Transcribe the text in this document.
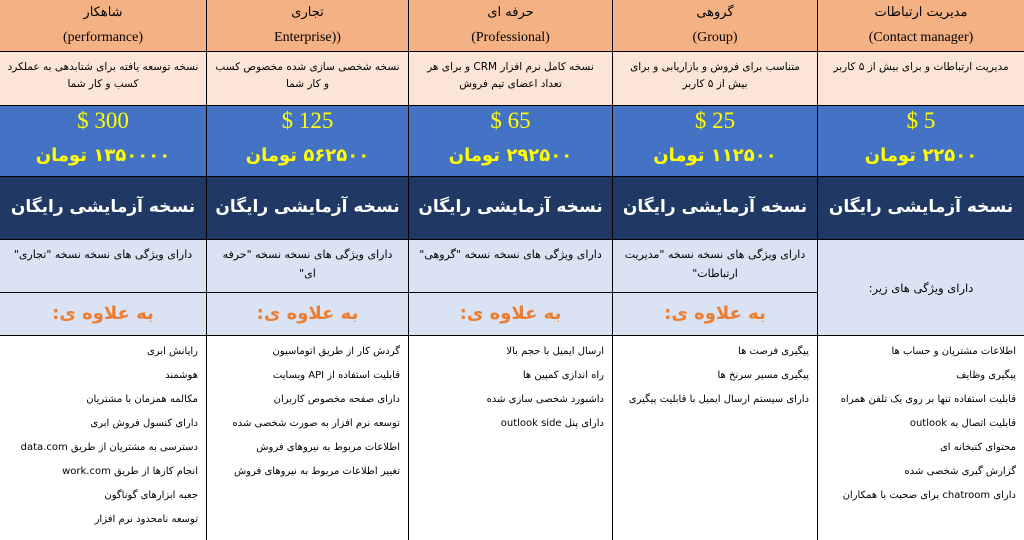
شاهکار
(performance)
نسخه توسعه یافته برای شتابدهی به عملکرد کسب و کار شما
300 $
۱۳۵۰۰۰۰ تومان
نسخه آزمایشی رایگان
دارای ویژگی های نسخه نسخه "تجاری"
به علاوه ی:
رایانش ابری
هوشمند
مکالمه همزمان با مشتریان
دارای کنسول فروش ابری
دسترسی به مشتریان از طریق data.com
انجام کارها از طریق work.com
جعبه ابزارهای گوناگون
توسعه نامحدود نرم افزار
تجاری
Enterprise))
نسخه شخصی سازی شده مخصوص کسب و کار شما
125 $
۵۶۲۵۰۰ تومان
نسخه آزمایشی رایگان
دارای ویژگی های نسخه نسخه "حرفه ای"
به علاوه ی:
گردش کار از طریق اتوماسیون
قابلیت استفاده از API وبسایت
دارای صفحه مخصوص کاربران
توسعه نرم افزار به صورت شخصی شده
اطلاعات مربوط به نیروهای فروش
تغییر اطلاعات مربوط به نیروهای فروش
حرفه ای
(Professional)
نسخه کامل نرم افزار CRM و برای هر تعداد اعضای تیم فروش
65 $
۲۹۲۵۰۰ تومان
نسخه آزمایشی رایگان
دارای ویژگی های نسخه نسخه "گروهی"
به علاوه ی:
ارسال ایمیل با حجم بالا
راه اندازی کمپین ها
داشبورد شخصی سازی شده
دارای پنل outlook side
گروهی
(Group)
متناسب برای فروش و بازاریابی و برای بیش از ۵ کاربر
25 $
۱۱۲۵۰۰ تومان
نسخه آزمایشی رایگان
دارای ویژگی های نسخه نسخه "مدیریت ارتباطات"
به علاوه ی:
پیگیری فرصت ها
پیگیری مسیر سرنخ ها
دارای سیستم ارسال ایمیل با قابلیت پیگیری
مدیریت ارتباطات
(Contact manager)
مدیریت ارتباطات و برای بیش از ۵ کاربر
5 $
۲۲۵۰۰ تومان
نسخه آزمایشی رایگان
دارای ویژگی های زیر:
اطلاعات مشتریان و حساب ها
پیگیری وظایف
قابلیت استفاده تنها بر روی یک تلفن همراه
قابلیت اتصال به outlook
محتوای کتبخانه ای
گزارش گیری شخصی شده
دارای chatroom برای صحبت با همکاران
